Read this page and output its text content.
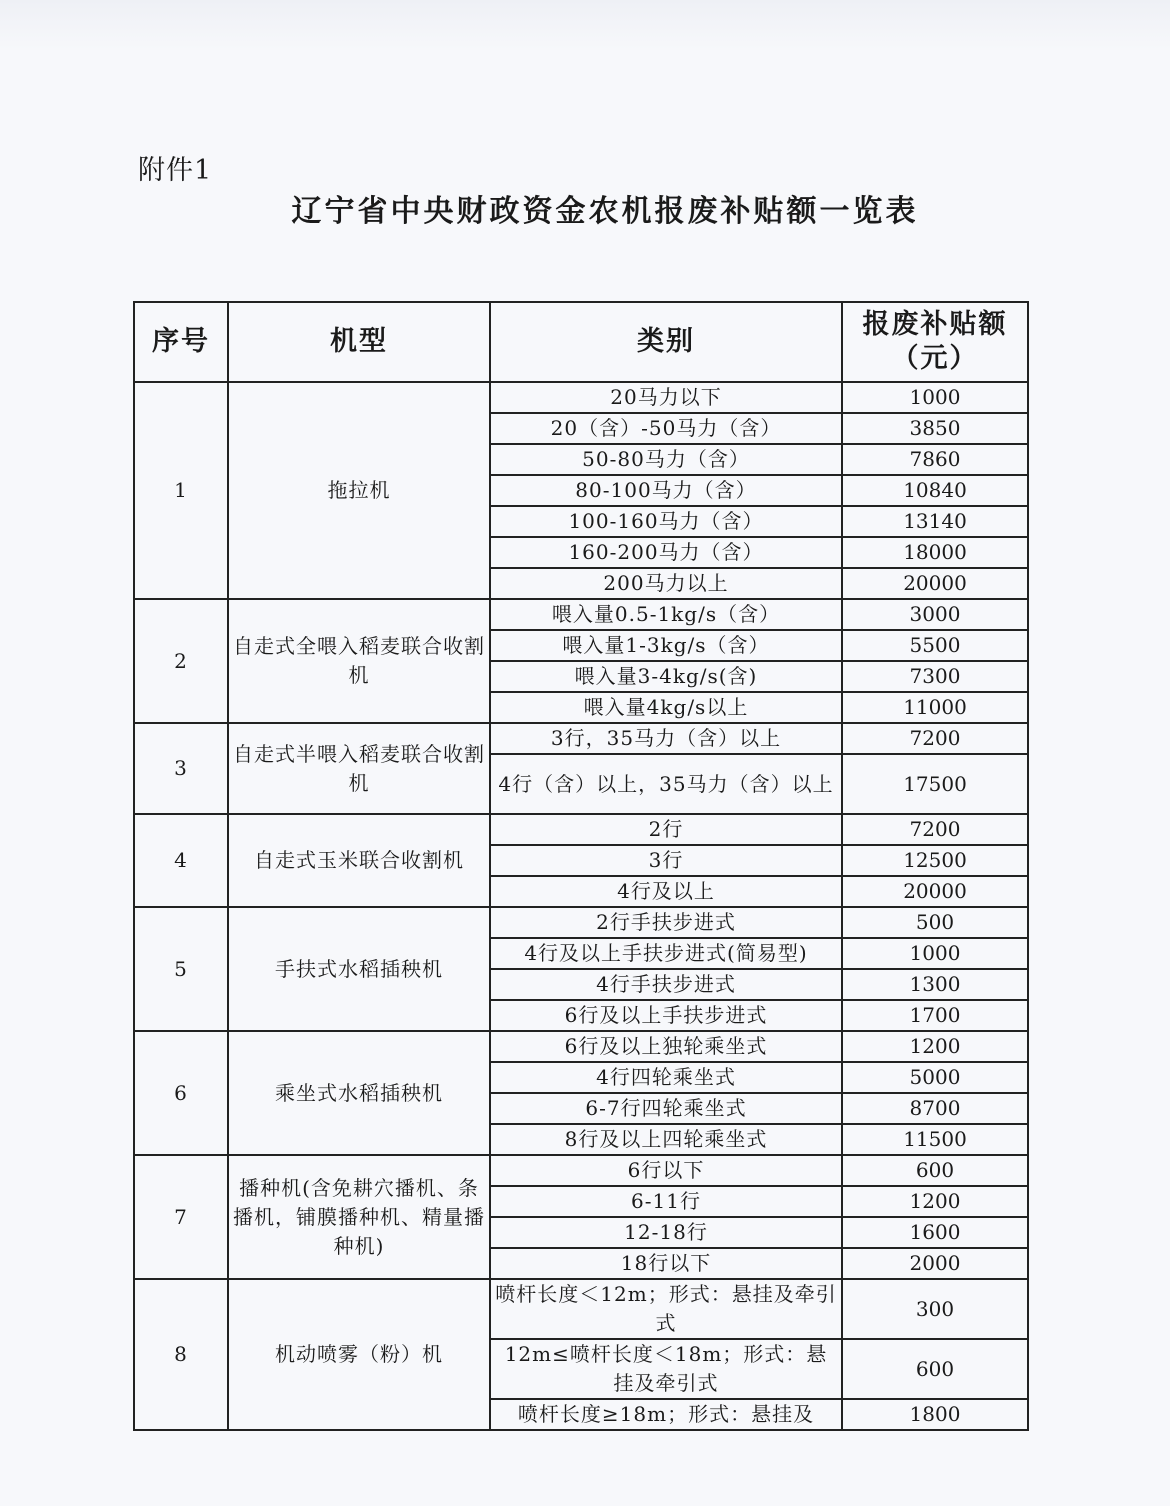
附件1
辽宁省中央财政资金农机报废补贴额一览表
序号	机型	类别	报废补贴额（元）
1	拖拉机	20马力以下	1000
		20（含）-50马力（含）	3850
		50-80马力（含）	7860
		80-100马力（含）	10840
		100-160马力（含）	13140
		160-200马力（含）	18000
		200马力以上	20000
2	自走式全喂入稻麦联合收割机	喂入量0.5-1kg/s（含）	3000
		喂入量1-3kg/s（含）	5500
		喂入量3-4kg/s(含)	7300
		喂入量4kg/s以上	11000
3	自走式半喂入稻麦联合收割机	3行，35马力（含）以上	7200
		4行（含）以上，35马力（含）以上	17500
4	自走式玉米联合收割机	2行	7200
		3行	12500
		4行及以上	20000
5	手扶式水稻插秧机	2行手扶步进式	500
		4行及以上手扶步进式(简易型)	1000
		4行手扶步进式	1300
		6行及以上手扶步进式	1700
6	乘坐式水稻插秧机	6行及以上独轮乘坐式	1200
		4行四轮乘坐式	5000
		6-7行四轮乘坐式	8700
		8行及以上四轮乘坐式	11500
7	播种机(含免耕穴播机、条播机，铺膜播种机、精量播种机)	6行以下	600
		6-11行	1200
		12-18行	1600
		18行以下	2000
8	机动喷雾（粉）机	喷杆长度＜12m；形式：悬挂及牵引式	300
		12m≤喷杆长度＜18m；形式：悬挂及牵引式	600
		喷杆长度≥18m；形式：悬挂及	1800
